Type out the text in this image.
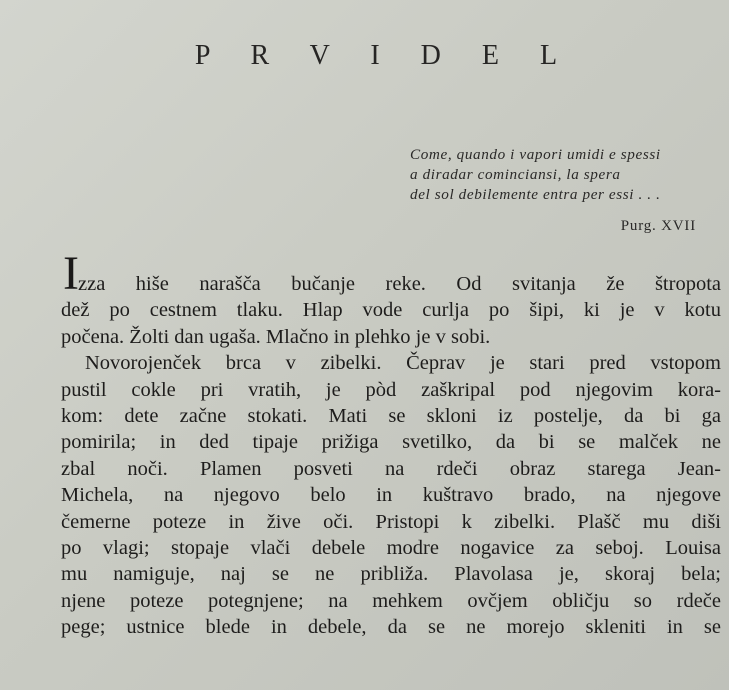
P R V I D E L
Come, quando i vapori umidi e spessi
a diradar cominciansi, la spera
del sol debilemente entra per essi . . .
Purg. XVII
I zza hiše narašča bučanje reke. Od svitanja že štropota
dež po cestnem tlaku. Hlap vode curlja po šipi, ki je v kotu
počena. Žolti dan ugaša. Mlačno in plehko je v sobi.
Novorojenček brca v zibelki. Čeprav je stari pred vstopom
pustil cokle pri vratih, je pòd zaškripal pod njegovim kora-
kom: dete začne stokati. Mati se skloni iz postelje, da bi ga
pomirila; in ded tipaje prižiga svetilko, da bi se malček ne
zbal noči. Plamen posveti na rdeči obraz starega Jean-
Michela, na njegovo belo in kuštravo brado, na njegove
čemerne poteze in žive oči. Pristopi k zibelki. Plašč mu diši
po vlagi; stopaje vlači debele modre nogavice za seboj. Louisa
mu namiguje, naj se ne približa. Plavolasa je, skoraj bela;
njene poteze potegnjene; na mehkem ovčjem obličju so rdeče
pege; ustnice blede in debele, da se ne morejo skleniti in se
